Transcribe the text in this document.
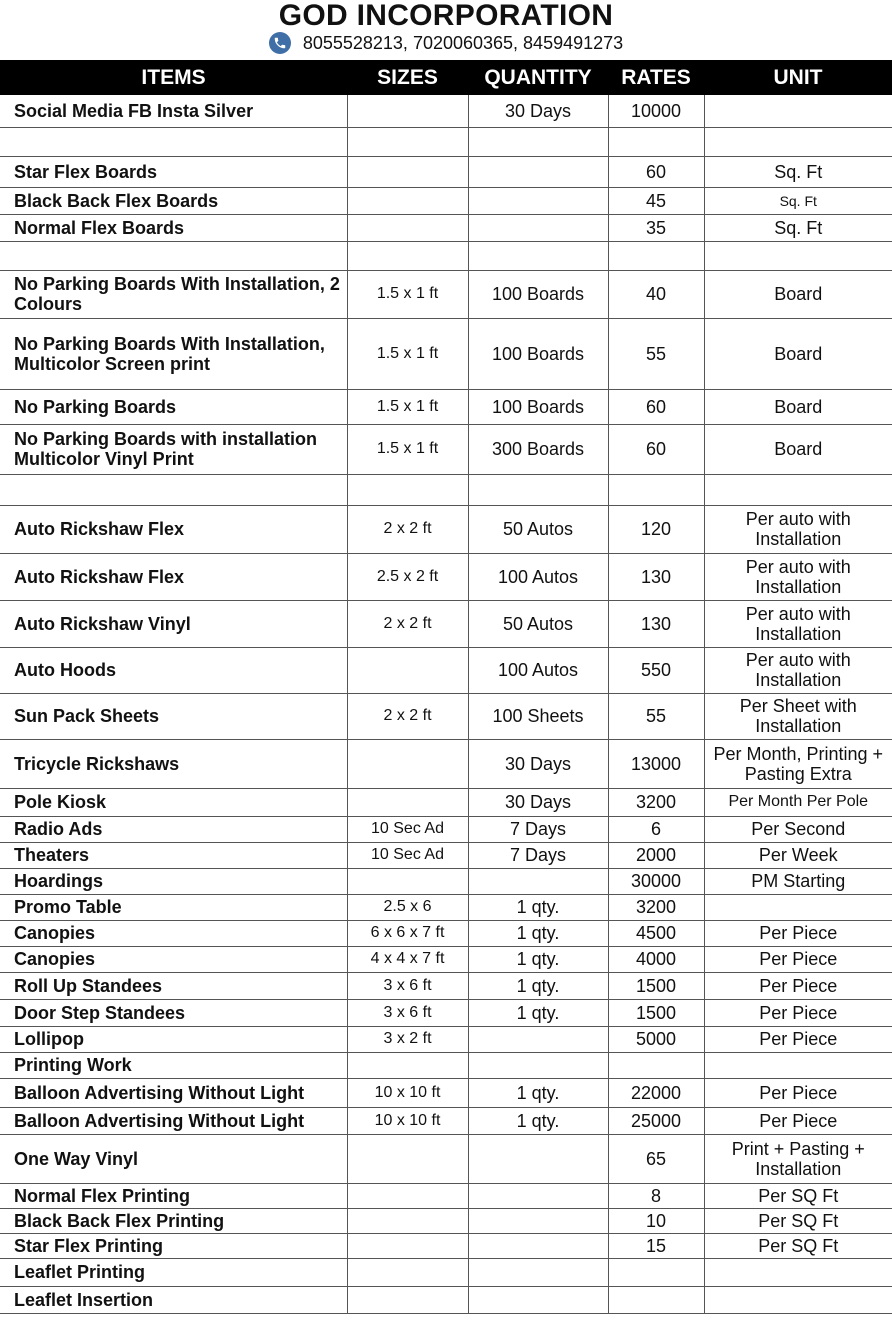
GOD INCORPORATION
8055528213, 7020060365, 8459491273
ITEMS	SIZES	QUANTITY	RATES	UNIT
Social Media FB Insta Silver		30 Days	10000	

Star Flex Boards			60	Sq. Ft
Black Back Flex Boards			45	Sq. Ft
Normal Flex Boards			35	Sq. Ft

No Parking Boards With Installation, 2 Colours	1.5 x 1 ft	100 Boards	40	Board
No Parking Boards With Installation, Multicolor Screen print	1.5 x 1 ft	100 Boards	55	Board
No Parking Boards	1.5 x 1 ft	100 Boards	60	Board
No Parking Boards with installation Multicolor Vinyl Print	1.5 x 1 ft	300 Boards	60	Board

Auto Rickshaw Flex	2 x 2 ft	50 Autos	120	Per auto with Installation
Auto Rickshaw Flex	2.5 x 2 ft	100 Autos	130	Per auto with Installation
Auto Rickshaw Vinyl	2 x 2 ft	50 Autos	130	Per auto with Installation
Auto Hoods		100 Autos	550	Per auto with Installation
Sun Pack Sheets	2 x 2 ft	100 Sheets	55	Per Sheet with Installation
Tricycle Rickshaws		30 Days	13000	Per Month, Printing + Pasting Extra
Pole Kiosk		30 Days	3200	Per Month Per Pole
Radio Ads	10 Sec Ad	7 Days	6	Per Second
Theaters	10 Sec Ad	7 Days	2000	Per Week
Hoardings			30000	PM Starting
Promo Table	2.5 x 6	1 qty.	3200	
Canopies	6 x 6 x 7 ft	1 qty.	4500	Per Piece
Canopies	4 x 4 x 7 ft	1 qty.	4000	Per Piece
Roll Up Standees	3 x 6 ft	1 qty.	1500	Per Piece
Door Step Standees	3 x 6 ft	1 qty.	1500	Per Piece
Lollipop	3 x 2 ft		5000	Per Piece
Printing Work				
Balloon Advertising Without Light	10 x 10 ft	1 qty.	22000	Per Piece
Balloon Advertising Without Light	10 x 10 ft	1 qty.	25000	Per Piece
One Way Vinyl			65	Print + Pasting + Installation
Normal Flex Printing			8	Per SQ Ft
Black Back Flex Printing			10	Per SQ Ft
Star Flex Printing			15	Per SQ Ft
Leaflet Printing				
Leaflet Insertion				
